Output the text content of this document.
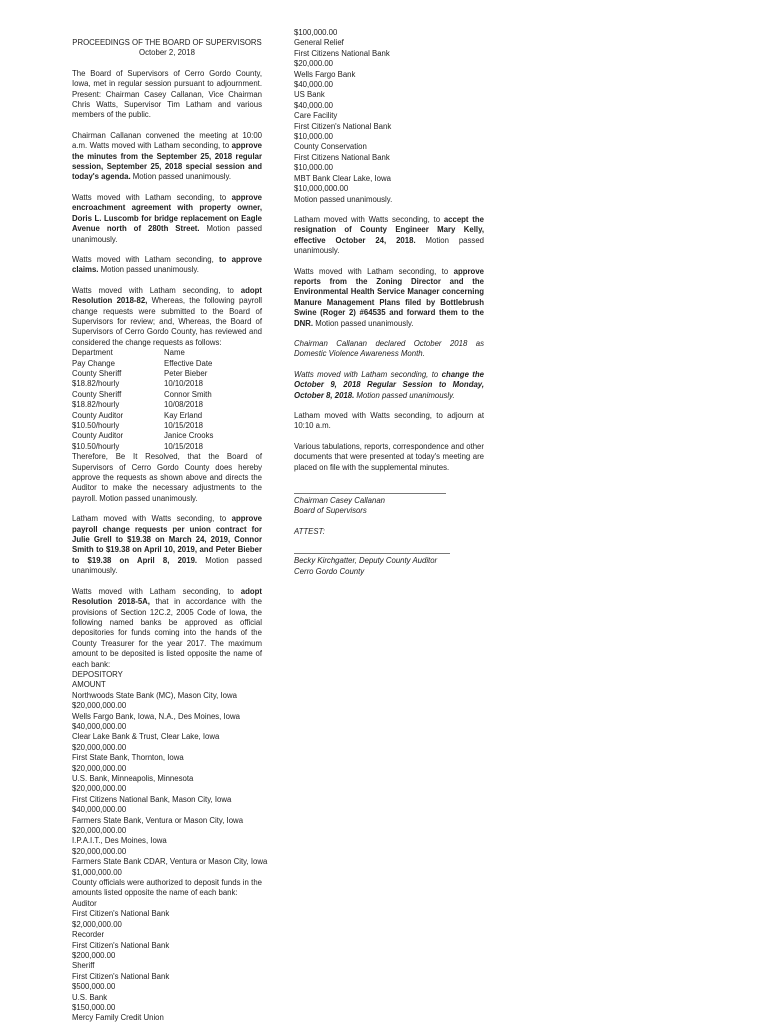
PROCEEDINGS OF THE BOARD OF SUPERVISORS
October 2, 2018

The Board of Supervisors of Cerro Gordo County, Iowa, met in regular session pursuant to adjournment. Present: Chairman Casey Callanan, Vice Chairman Chris Watts, Supervisor Tim Latham and various members of the public.

Chairman Callanan convened the meeting at 10:00 a.m. Watts moved with Latham seconding, to approve the minutes from the September 25, 2018 regular session, September 25, 2018 special session and today's agenda. Motion passed unanimously.

Watts moved with Latham seconding, to approve encroachment agreement with property owner, Doris L. Luscomb for bridge replacement on Eagle Avenue north of 280th Street. Motion passed unanimously.

Watts moved with Latham seconding, to approve claims. Motion passed unanimously.

Watts moved with Latham seconding, to adopt Resolution 2018-82, Whereas, the following payroll change requests were submitted to the Board of Supervisors for review; and, Whereas, the Board of Supervisors of Cerro Gordo County, has reviewed and considered the change requests as follows:

Department	Name
Pay Change	Effective Date
County Sheriff	Peter Bieber
$18.82/hourly	10/10/2018
County Sheriff	Connor Smith
$18.82/hourly	10/08/2018
County Auditor	Kay Erland
$10.50/hourly	10/15/2018
County Auditor	Janice Crooks
$10.50/hourly	10/15/2018

Therefore, Be It Resolved, that the Board of Supervisors of Cerro Gordo County does hereby approve the requests as shown above and directs the Auditor to make the necessary adjustments to the payroll. Motion passed unanimously.

Latham moved with Watts seconding, to approve payroll change requests per union contract for Julie Grell to $19.38 on March 24, 2019, Connor Smith to $19.38 on April 10, 2019, and Peter Bieber to $19.38 on April 8, 2019. Motion passed unanimously.

Watts moved with Latham seconding, to adopt Resolution 2018-5A, that in accordance with the provisions of Section 12C.2, 2005 Code of Iowa, the following named banks be approved as official depositories for funds coming into the hands of the County Treasurer for the year 2017. The maximum amount to be deposited is listed opposite the name of each bank:

DEPOSITORY
AMOUNT
Northwoods State Bank (MC), Mason City, Iowa
$20,000,000.00
Wells Fargo Bank, Iowa, N.A., Des Moines, Iowa
$40,000,000.00
Clear Lake Bank & Trust, Clear Lake, Iowa
$20,000,000.00
First State Bank, Thornton, Iowa
$20,000,000.00
U.S. Bank, Minneapolis, Minnesota
$20,000,000.00
First Citizens National Bank, Mason City, Iowa
$40,000,000.00
Farmers State Bank, Ventura or Mason City, Iowa
$20,000,000.00
I.P.A.I.T., Des Moines, Iowa
$20,000,000.00
Farmers State Bank CDAR, Ventura or Mason City, Iowa
$1,000,000.00
County officials were authorized to deposit funds in the amounts listed opposite the name of each bank:
Auditor
First Citizen's National Bank
$2,000,000.00
Recorder
First Citizen's National Bank
$200,000.00
Sheriff
First Citizen's National Bank
$500,000.00
U.S. Bank
$150,000.00
Mercy Family Credit Union
$100,000.00
General Relief
First Citizens National Bank
$20,000.00
Wells Fargo Bank
$40,000.00
US Bank
$40,000.00
Care Facility
First Citizen's National Bank
$10,000.00
County Conservation
First Citizens National Bank
$10,000.00
MBT Bank Clear Lake, Iowa
$10,000,000.00
Motion passed unanimously.

Latham moved with Watts seconding, to accept the resignation of County Engineer Mary Kelly, effective October 24, 2018. Motion passed unanimously.

Watts moved with Latham seconding, to approve reports from the Zoning Director and the Environmental Health Service Manager concerning Manure Management Plans filed by Bottlebrush Swine (Roger 2) #64535 and forward them to the DNR. Motion passed unanimously.

Chairman Callanan declared October 2018 as Domestic Violence Awareness Month.

Watts moved with Latham seconding, to change the October 9, 2018 Regular Session to Monday, October 8, 2018. Motion passed unanimously.

Latham moved with Watts seconding, to adjourn at 10:10 a.m.

Various tabulations, reports, correspondence and other documents that were presented at today's meeting are placed on file with the supplemental minutes.

Chairman Casey Callanan
Board of Supervisors
ATTEST:
Becky Kirchgatter, Deputy County Auditor
Cerro Gordo County
